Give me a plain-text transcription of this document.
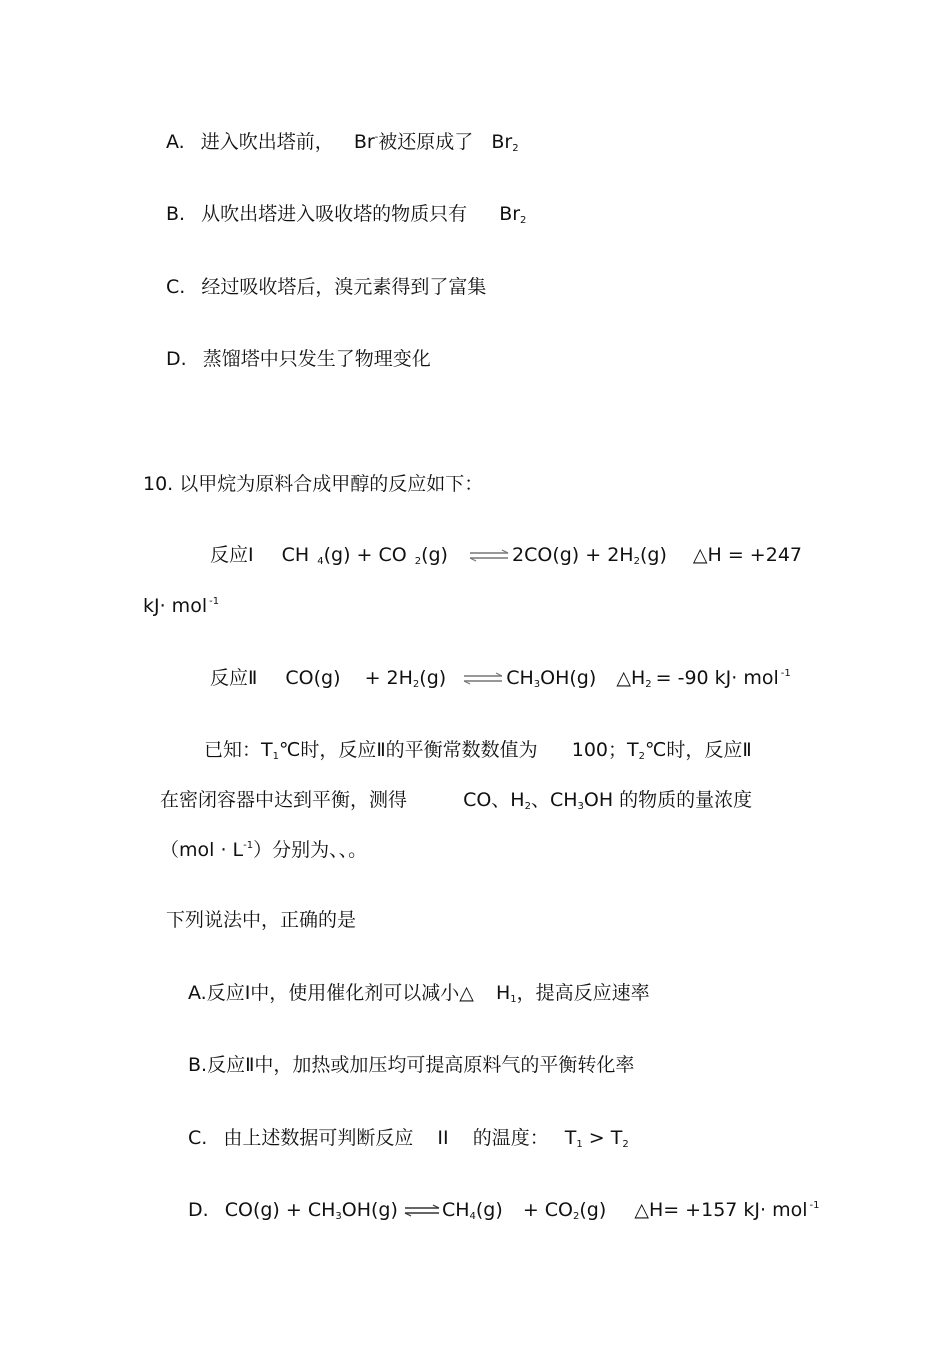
A. 进入吹出塔前， Br-被还原成了 $Br_2$
B. 从吹出塔进入吸收塔的物质只有 $Br_2$
C. 经过吸收塔后，溴元素得到了富集
D. 蒸馏塔中只发生了物理变化
10. 以甲烷为原料合成甲醇的反应如下：
反应Ⅰ CH $_4$(g) + CO $_2$(g) ⇌ $2CO(g) + 2H_2(g)$ △H = +247
kJ· mol $^{-1}$
反应Ⅱ $CO(g) + 2H_2(g)$ ⇌ $CH_3OH(g)$ $\triangle H_2 = -90$ kJ· mol $^{-1}$
已知：$T_1℃$时，反应Ⅱ的平衡常数数值为 100；$T_2℃$时，反应Ⅱ
在密闭容器中达到平衡，测得	CO、$H_2$、$CH_3OH$ 的物质的量浓度
$(mol \cdot L^{-1})$分别为、、。
下列说法中，正确的是
A.反应Ⅰ中，使用催化剂可以减小△ $H_1$，提高反应速率
B.反应Ⅱ中，加热或加压均可提高原料气的平衡转化率
C. 由上述数据可判断反应 II 的温度： $T_1 > T_2$
D. $CO(g) + CH_3OH(g)$ ⇌ $CH_4(g) + CO_2(g)$ △H= +157 kJ· mol $^{-1}$
